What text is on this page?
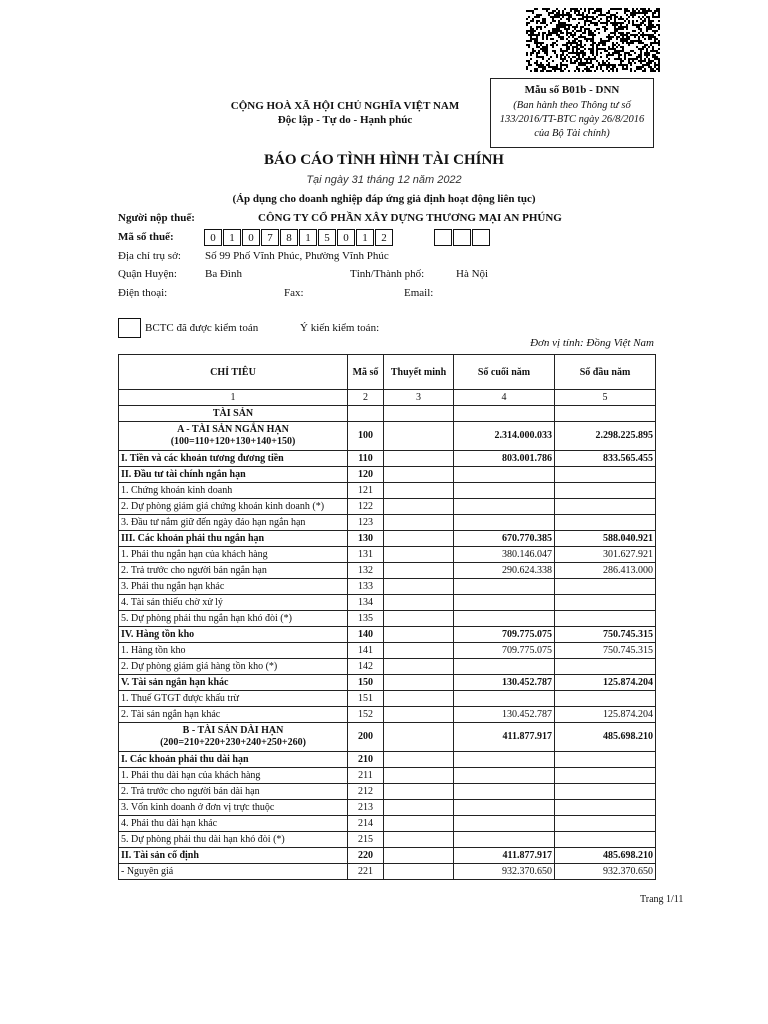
Mẫu số B01b - DNN
(Ban hành theo Thông tư số 133/2016/TT-BTC ngày 26/8/2016 của Bộ Tài chính)
CỘNG HOÀ XÃ HỘI CHỦ NGHĨA VIỆT NAM
Độc lập - Tự do - Hạnh phúc
BÁO CÁO TÌNH HÌNH TÀI CHÍNH
Tại ngày 31 tháng 12 năm 2022
(Áp dụng cho doanh nghiệp đáp ứng giả định hoạt động liên tục)
Người nộp thuế:	CÔNG TY CỔ PHẦN XÂY DỰNG THƯƠNG MẠI AN PHÚNG
Mã số thuế:	0	1	0	7	8	1	5	0	1	2
Địa chỉ trụ sở: Số 99 Phố Vĩnh Phúc, Phường Vĩnh Phúc
Quận Huyện:	Ba Đình	Tỉnh/Thành phố:	Hà Nội
Điện thoại:	Fax:	Email:
BCTC đã được kiểm toán	Ý kiến kiểm toán:
Đơn vị tính: Đồng Việt Nam
CHỈ TIÊU	Mã số	Thuyết minh	Số cuối năm	Số đầu năm
1	2	3	4	5
TÀI SẢN				

A - TÀI SẢN NGẮN HẠN
(100=110+120+130+140+150)	100		2.314.000.033	2.298.225.895
I. Tiền và các khoản tương đương tiền	110		803.001.786	833.565.455
II. Đầu tư tài chính ngắn hạn	120			
1. Chứng khoán kinh doanh	121			
2. Dự phòng giảm giá chứng khoán kinh doanh (*)	122			
3. Đầu tư nắm giữ đến ngày đáo hạn ngắn hạn	123			
III. Các khoản phải thu ngắn hạn	130		670.770.385	588.040.921
1. Phải thu ngắn hạn của khách hàng	131		380.146.047	301.627.921
2. Trả trước cho người bán ngắn hạn	132		290.624.338	286.413.000
3. Phải thu ngắn hạn khác	133			
4. Tài sản thiếu chờ xử lý	134			
5. Dự phòng phải thu ngắn hạn khó đòi (*)	135			
IV. Hàng tồn kho	140		709.775.075	750.745.315
1. Hàng tồn kho	141		709.775.075	750.745.315
2. Dự phòng giảm giá hàng tồn kho (*)	142			
V. Tài sản ngắn hạn khác	150		130.452.787	125.874.204
1. Thuế GTGT được khấu trừ	151			
2. Tài sản ngắn hạn khác	152		130.452.787	125.874.204

B - TÀI SẢN DÀI HẠN
(200=210+220+230+240+250+260)	200		411.877.917	485.698.210
I. Các khoản phải thu dài hạn	210			
1. Phải thu dài hạn của khách hàng	211			
2. Trả trước cho người bán dài hạn	212			
3. Vốn kinh doanh ở đơn vị trực thuộc	213			
4. Phải thu dài hạn khác	214			
5. Dự phòng phải thu dài hạn khó đòi (*)	215			
II. Tài sản cố định	220		411.877.917	485.698.210
- Nguyên giá	221		932.370.650	932.370.650
Trang 1/11
